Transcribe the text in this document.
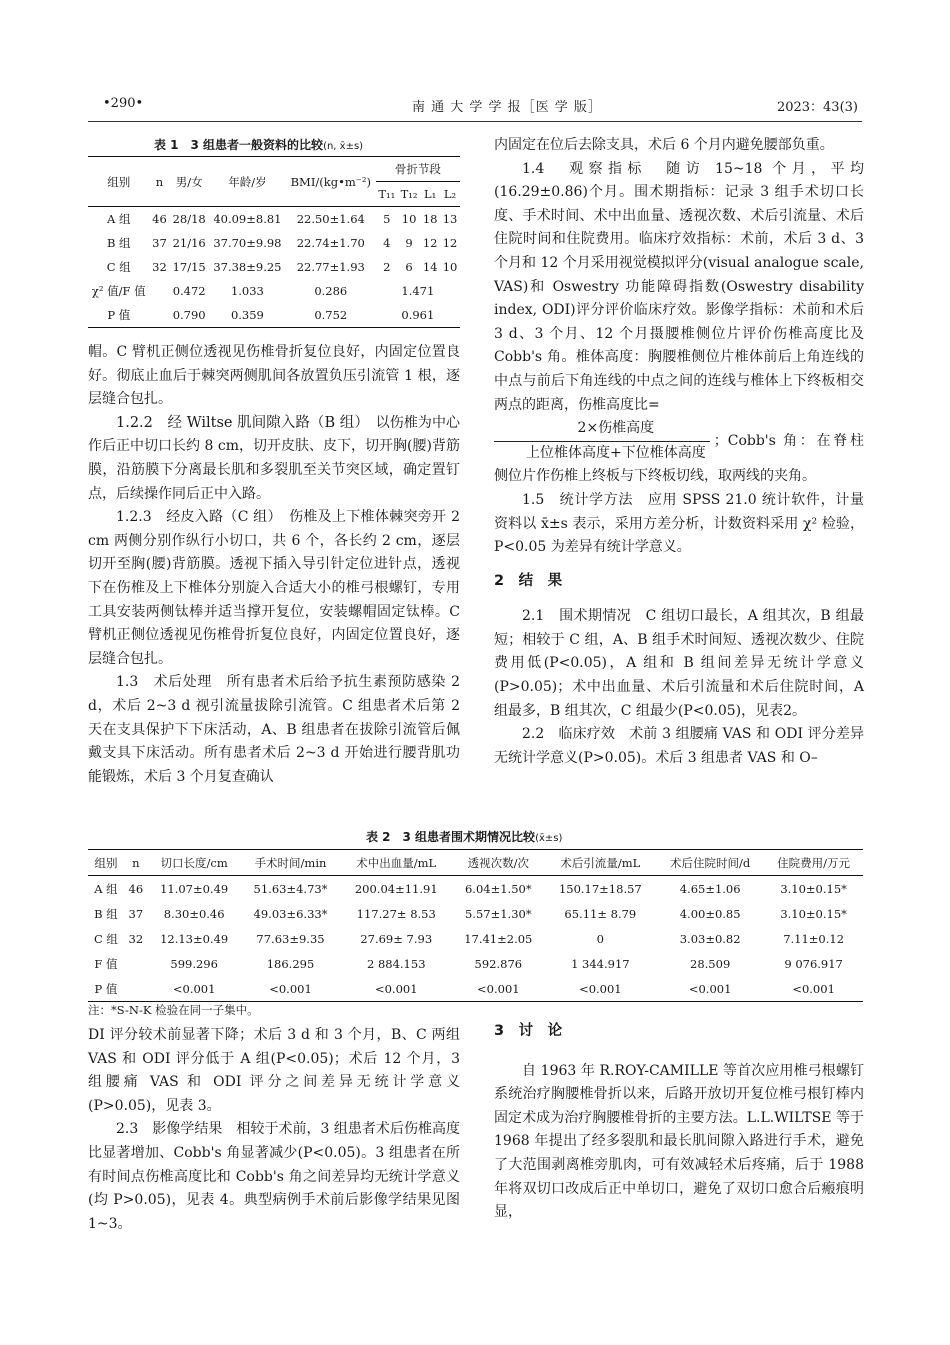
•290•	南 通 大 学 学 报［医 学 版］	2023：43(3)
表 1　3 组患者一般资料的比较(n, x̄±s)
组别	n	男/女	年龄/岁	BMI/(kg•m⁻²)	骨折节段			
					T₁₁	T₁₂	L₁	L₂
A 组	46	28/18	40.09±8.81	22.50±1.64	5	10	18	13
B 组	37	21/16	37.70±9.98	22.74±1.70	4	9	12	12
C 组	32	17/15	37.38±9.25	22.77±1.93	2	6	14	10
χ² 值/F 值		0.472	1.033	0.286	1.471			
P 值		0.790	0.359	0.752	0.961			

帽。C 臂机正侧位透视见伤椎骨折复位良好，内固定位置良好。彻底止血后于棘突两侧肌间各放置负压引流管 1 根，逐层缝合包扎。

1.2.2　经 Wiltse 肌间隙入路（B 组）　以伤椎为中心作后正中切口长约 8 cm，切开皮肤、皮下，切开胸(腰)背筋膜，沿筋膜下分离最长肌和多裂肌至关节突区域，确定置钉点，后续操作同后正中入路。

1.2.3　经皮入路（C 组）　伤椎及上下椎体棘突旁开 2 cm 两侧分别作纵行小切口，共 6 个，各长约 2 cm，逐层切开至胸(腰)背筋膜。透视下插入导引针定位进针点，透视下在伤椎及上下椎体分别旋入合适大小的椎弓根螺钉，专用工具安装两侧钛棒并适当撑开复位，安装螺帽固定钛棒。C 臂机正侧位透视见伤椎骨折复位良好，内固定位置良好，逐层缝合包扎。

1.3　术后处理　所有患者术后给予抗生素预防感染 2 d，术后 2~3 d 视引流量拔除引流管。C 组患者术后第 2 天在支具保护下下床活动，A、B 组患者在拔除引流管后佩戴支具下床活动。所有患者术后 2~3 d 开始进行腰背肌功能锻炼，术后 3 个月复查确认

内固定在位后去除支具，术后 6 个月内避免腰部负重。

1.4　观察指标　随访 15~18 个月，平均(16.29±0.86)个月。围术期指标：记录 3 组手术切口长度、手术时间、术中出血量、透视次数、术后引流量、术后住院时间和住院费用。临床疗效指标：术前，术后 3 d、3 个月和 12 个月采用视觉模拟评分(visual analogue scale, VAS)和 Oswestry 功能障碍指数(Oswestry disability index, ODI)评分评价临床疗效。影像学指标：术前和术后 3 d、3 个月、12 个月摄腰椎侧位片评价伤椎高度比及 Cobb's 角。椎体高度：胸腰椎侧位片椎体前后上角连线的中点与前后下角连线的中点之间的连线与椎体上下终板相交两点的距离，伤椎高度比=

$\frac{\text{2×伤椎高度}}{\text{上位椎体高度+下位椎体高度}}$ ；Cobb's 角：在脊柱侧位片作伤椎上终板与下终板切线，取两线的夹角。

1.5　统计学方法　应用 SPSS 21.0 统计软件，计量资料以 x̄±s 表示，采用方差分析，计数资料采用 χ² 检验，P<0.05 为差异有统计学意义。

2　结　果

2.1　围术期情况　C 组切口最长，A 组其次，B 组最短；相较于 C 组，A、B 组手术时间短、透视次数少、住院费用低(P<0.05)，A 组和 B 组间差异无统计学意义(P>0.05)；术中出血量、术后引流量和术后住院时间，A 组最多，B 组其次，C 组最少(P<0.05)，见表2。

2.2　临床疗效　术前 3 组腰痛 VAS 和 ODI 评分差异无统计学意义(P>0.05)。术后 3 组患者 VAS 和 O–

表 2　3 组患者围术期情况比较(x̄±s)
组别	n	切口长度/cm	手术时间/min	术中出血量/mL	透视次数/次	术后引流量/mL	术后住院时间/d	住院费用/万元
A 组	46	11.07±0.49	51.63±4.73*	200.04±11.91	6.04±1.50*	150.17±18.57	4.65±1.06	3.10±0.15*
B 组	37	8.30±0.46	49.03±6.33*	117.27± 8.53	5.57±1.30*	65.11± 8.79	4.00±0.85	3.10±0.15*
C 组	32	12.13±0.49	77.63±9.35	27.69± 7.93	17.41±2.05	0	3.03±0.82	7.11±0.12
F 值		599.296	186.295	2 884.153	592.876	1 344.917	28.509	9 076.917
P 值		<0.001	<0.001	<0.001	<0.001	<0.001	<0.001	<0.001
注：*S-N-K 检验在同一子集中。

DI 评分较术前显著下降；术后 3 d 和 3 个月，B、C 两组 VAS 和 ODI 评分低于 A 组(P<0.05)；术后 12 个月，3 组腰痛 VAS 和 ODI 评分之间差异无统计学意义(P>0.05)，见表 3。

2.3　影像学结果　相较于术前，3 组患者术后伤椎高度比显著增加、Cobb's 角显著减少(P<0.05)。3 组患者在所有时间点伤椎高度比和 Cobb's 角之间差异均无统计学意义(均 P>0.05)，见表 4。典型病例手术前后影像学结果见图 1~3。

3　讨　论

自 1963 年 R.ROY-CAMILLE 等首次应用椎弓根螺钉系统治疗胸腰椎骨折以来，后路开放切开复位椎弓根钉棒内固定术成为治疗胸腰椎骨折的主要方法。L.L.WILTSE 等于 1968 年提出了经多裂肌和最长肌间隙入路进行手术，避免了大范围剥离椎旁肌肉，可有效减轻术后疼痛，后于 1988 年将双切口改成后正中单切口，避免了双切口愈合后瘢痕明显，
